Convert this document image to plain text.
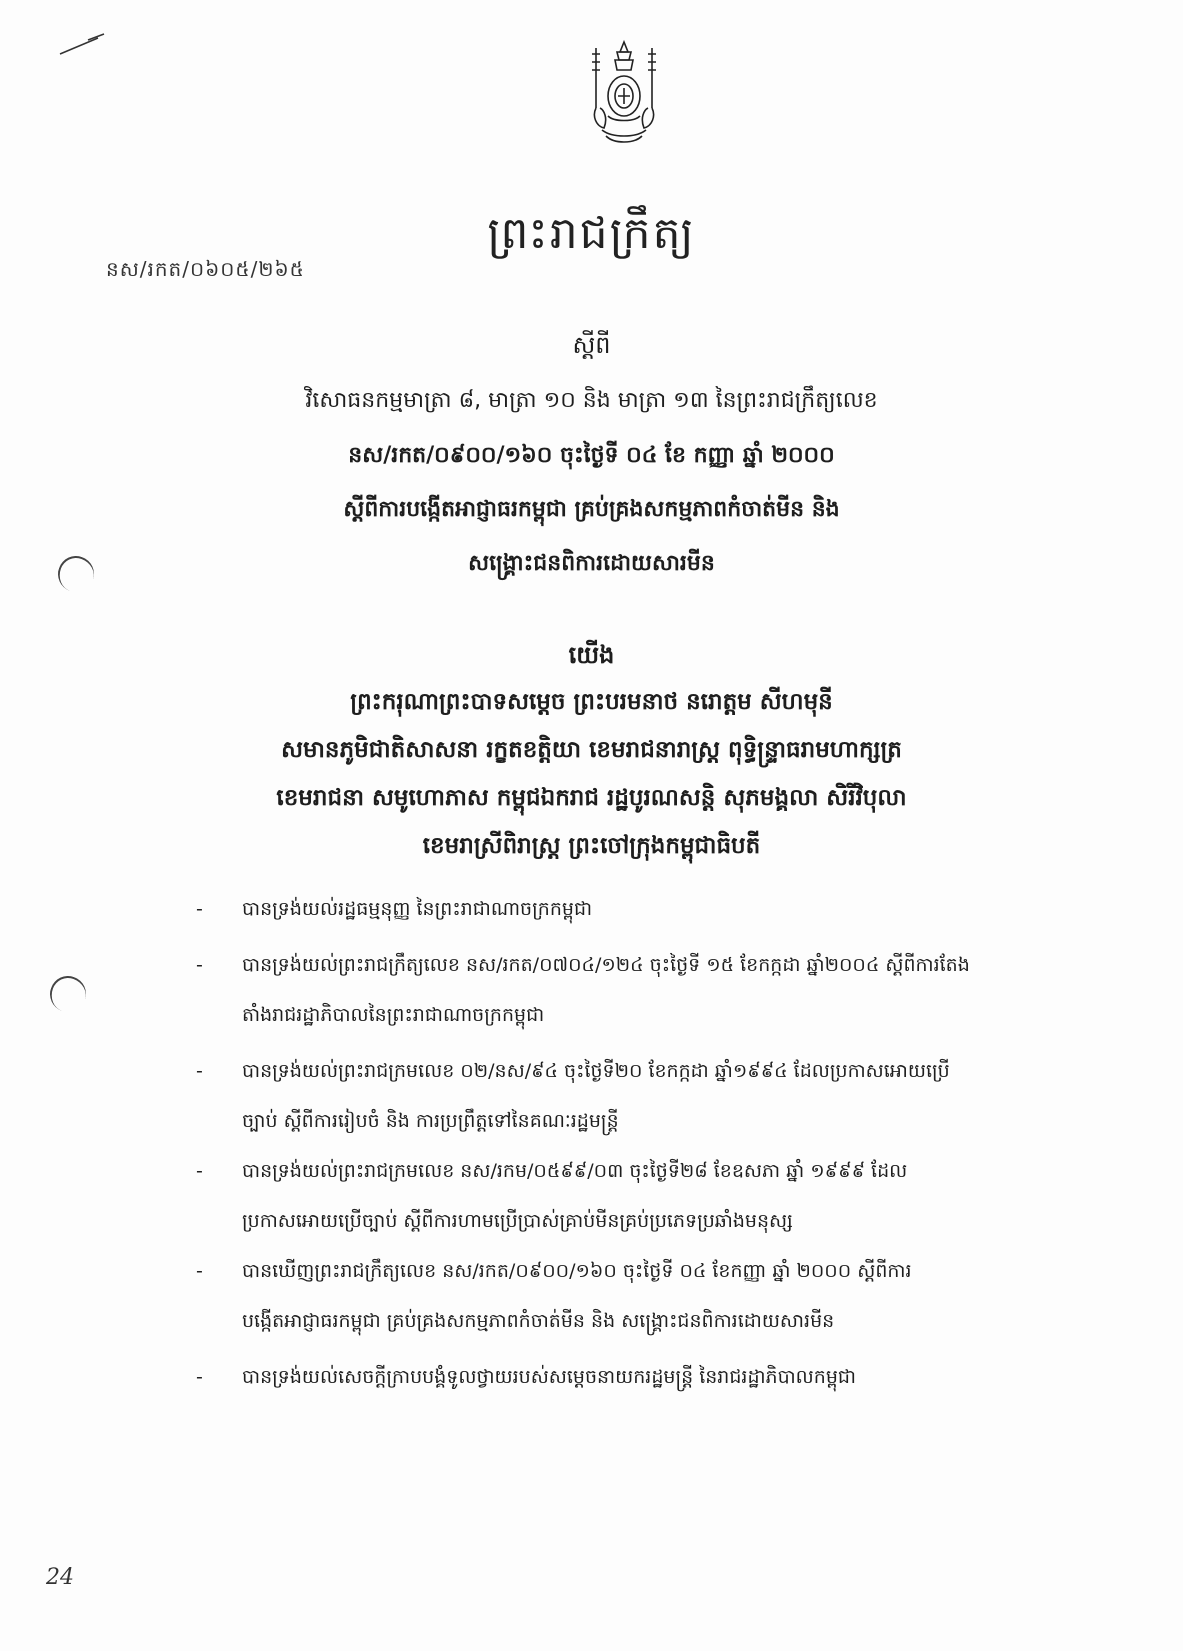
ព្រះរាជក្រឹត្យ
នស/រកត/០៦០៥/២៦៥
ស្ដីពី
វិសោធនកម្មមាត្រា ៨, មាត្រា ១០ និង មាត្រា ១៣ នៃព្រះរាជក្រឹត្យលេខ
នស/រកត/០៩០០/១៦០ ចុះថ្ងៃទី ០៤ ខែ កញ្ញា ឆ្នាំ ២០០០
ស្ដីពីការបង្កើតអាជ្ញាធរកម្ពុជា គ្រប់គ្រងសកម្មភាពកំចាត់មីន និង
សង្គ្រោះជនពិការដោយសារមីន
យើង
ព្រះករុណាព្រះបាទសម្ដេច ព្រះបរមនាថ នរោត្ដម សីហមុនី
សមានភូមិជាតិសាសនា រក្ខតខត្តិយា ខេមរាជនារាស្ត្រ ពុទ្ធិន្ទ្រាធរាមហាក្សត្រ
ខេមរាជនា សមូហោភាស កម្ពុជឯករាជ រដ្ឋបូរណសន្តិ សុភមង្គលា សិរីវិបុលា
ខេមរាស្រីពិរាស្ត្រ ព្រះចៅក្រុងកម្ពុជាធិបតី
- បានទ្រង់យល់រដ្ឋធម្មនុញ្ញ នៃព្រះរាជាណាចក្រកម្ពុជា
- បានទ្រង់យល់ព្រះរាជក្រឹត្យលេខ នស/រកត/០៧០៤/១២៤ ចុះថ្ងៃទី ១៥ ខែកក្កដា ឆ្នាំ២០០៤ ស្ដីពីការតែង
តាំងរាជរដ្ឋាភិបាលនៃព្រះរាជាណាចក្រកម្ពុជា
- បានទ្រង់យល់ព្រះរាជក្រមលេខ ០២/នស/៩៤ ចុះថ្ងៃទី២០ ខែកក្កដា ឆ្នាំ១៩៩៤ ដែលប្រកាសអោយប្រើ
ច្បាប់ ស្ដីពីការរៀបចំ និង ការប្រព្រឹត្តទៅនៃគណៈរដ្ឋមន្ត្រី
- បានទ្រង់យល់ព្រះរាជក្រមលេខ នស/រកម/០៥៩៩/០៣ ចុះថ្ងៃទី២៨ ខែឧសភា ឆ្នាំ ១៩៩៩ ដែល
ប្រកាសអោយប្រើច្បាប់ ស្ដីពីការហាមប្រើប្រាស់គ្រាប់មីនគ្រប់ប្រភេទប្រឆាំងមនុស្ស
- បានឃើញព្រះរាជក្រឹត្យលេខ នស/រកត/០៩០០/១៦០ ចុះថ្ងៃទី ០៤ ខែកញ្ញា ឆ្នាំ ២០០០ ស្ដីពីការ
បង្កើតអាជ្ញាធរកម្ពុជា គ្រប់គ្រងសកម្មភាពកំចាត់មីន និង សង្គ្រោះជនពិការដោយសារមីន
- បានទ្រង់យល់សេចក្ដីក្រាបបង្គំទូលថ្វាយរបស់សម្ដេចនាយករដ្ឋមន្ត្រី នៃរាជរដ្ឋាភិបាលកម្ពុជា
24
